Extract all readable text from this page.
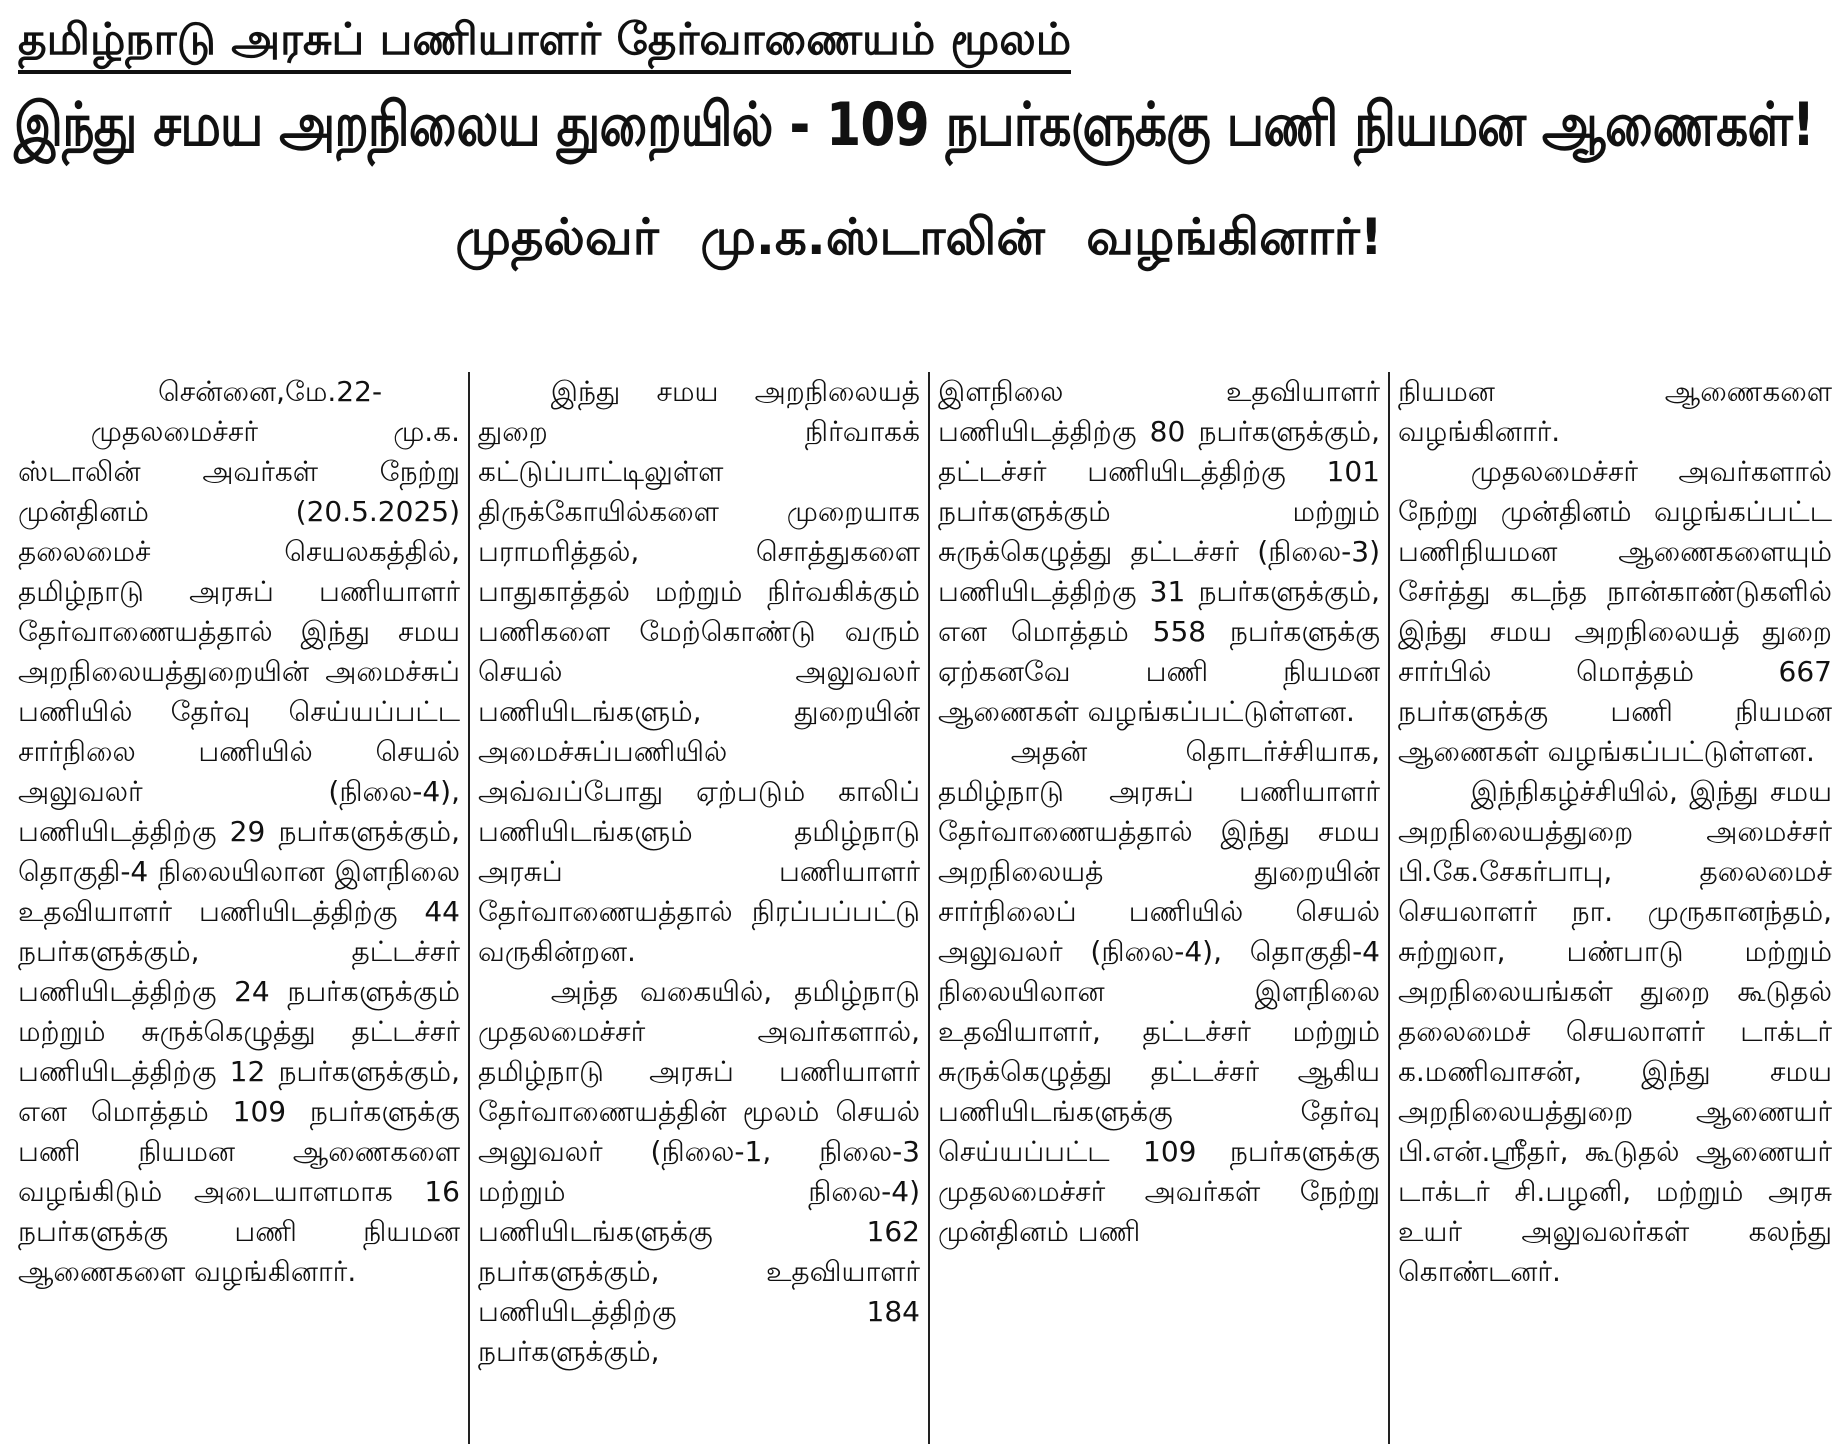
தமிழ்நாடு அரசுப் பணியாளர் தேர்வாணையம் மூலம்
இந்து சமய அறநிலைய துறையில் - 109 நபர்களுக்கு பணி நியமன ஆணைகள்!
முதல்வர் மு.க.ஸ்டாலின் வழங்கினார்!

சென்னை,மே.22-

முதலமைச்சர் மு.க. ஸ்டாலின் அவர்கள் நேற்று முன்தினம் (20.5.2025) தலைமைச் செயலகத்தில், தமிழ்நாடு அரசுப் பணியாளர் தேர்வாணையத்தால் இந்து சமய அறநிலையத்துறையின் அமைச்சுப் பணியில் தேர்வு செய்யப்பட்ட சார்நிலை பணியில் செயல் அலுவலர் (நிலை-4), பணியிடத்திற்கு 29 நபர்களுக்கும், தொகுதி-4 நிலையிலான இளநிலை உதவியாளர் பணியிடத்திற்கு 44 நபர்களுக்கும், தட்டச்சர் பணியிடத்திற்கு 24 நபர்களுக்கும் மற்றும் சுருக்கெழுத்து தட்டச்சர் பணியிடத்திற்கு 12 நபர்களுக்கும், என மொத்தம் 109 நபர்களுக்கு பணி நியமன ஆணைகளை வழங்கிடும் அடையாளமாக 16 நபர்களுக்கு பணி நியமன ஆணைகளை வழங்கினார்.

இந்து சமய அறநிலையத் துறை நிர்வாகக் கட்டுப்பாட்டிலுள்ள திருக்கோயில்களை முறையாக பராமரித்தல், சொத்துகளை பாதுகாத்தல் மற்றும் நிர்வகிக்கும் பணிகளை மேற்கொண்டு வரும் செயல் அலுவலர் பணியிடங்களும், துறையின் அமைச்சுப்பணியில் அவ்வப்போது ஏற்படும் காலிப் பணியிடங்களும் தமிழ்நாடு அரசுப் பணியாளர் தேர்வாணையத்தால் நிரப்பப்பட்டு வருகின்றன.

அந்த வகையில், தமிழ்நாடு முதலமைச்சர் அவர்களால், தமிழ்நாடு அரசுப் பணியாளர் தேர்வாணையத்தின் மூலம் செயல் அலுவலர் (நிலை-1, நிலை-3 மற்றும் நிலை-4) பணியிடங்களுக்கு 162 நபர்களுக்கும், உதவியாளர் பணியிடத்திற்கு 184 நபர்களுக்கும்,

இளநிலை உதவியாளர் பணியிடத்திற்கு 80 நபர்களுக்கும், தட்டச்சர் பணியிடத்திற்கு 101 நபர்களுக்கும் மற்றும் சுருக்கெழுத்து தட்டச்சர் (நிலை-3) பணியிடத்திற்கு 31 நபர்களுக்கும், என மொத்தம் 558 நபர்களுக்கு ஏற்கனவே பணி நியமன ஆணைகள் வழங்கப்பட்டுள்ளன.

அதன் தொடர்ச்சியாக, தமிழ்நாடு அரசுப் பணியாளர் தேர்வாணையத்தால் இந்து சமய அறநிலையத் துறையின் சார்நிலைப் பணியில் செயல் அலுவலர் (நிலை-4), தொகுதி-4 நிலையிலான இளநிலை உதவியாளர், தட்டச்சர் மற்றும் சுருக்கெழுத்து தட்டச்சர் ஆகிய பணியிடங்களுக்கு தேர்வு செய்யப்பட்ட 109 நபர்களுக்கு முதலமைச்சர் அவர்கள் நேற்று முன்தினம் பணி

நியமன ஆணைகளை வழங்கினார்.

முதலமைச்சர் அவர்களால் நேற்று முன்தினம் வழங்கப்பட்ட பணிநியமன ஆணைகளையும் சேர்த்து கடந்த நான்காண்டுகளில் இந்து சமய அறநிலையத் துறை சார்பில் மொத்தம் 667 நபர்களுக்கு பணி நியமன ஆணைகள் வழங்கப்பட்டுள்ளன.

இந்நிகழ்ச்சியில், இந்து சமய அறநிலையத்துறை அமைச்சர் பி.கே.சேகர்பாபு, தலைமைச் செயலாளர் நா. முருகானந்தம், சுற்றுலா, பண்பாடு மற்றும் அறநிலையங்கள் துறை கூடுதல் தலைமைச் செயலாளர் டாக்டர் க.மணிவாசன், இந்து சமய அறநிலையத்துறை ஆணையர் பி.என்.ஸ்ரீதர், கூடுதல் ஆணையர் டாக்டர் சி.பழனி, மற்றும் அரசு உயர் அலுவலர்கள் கலந்து கொண்டனர்.
